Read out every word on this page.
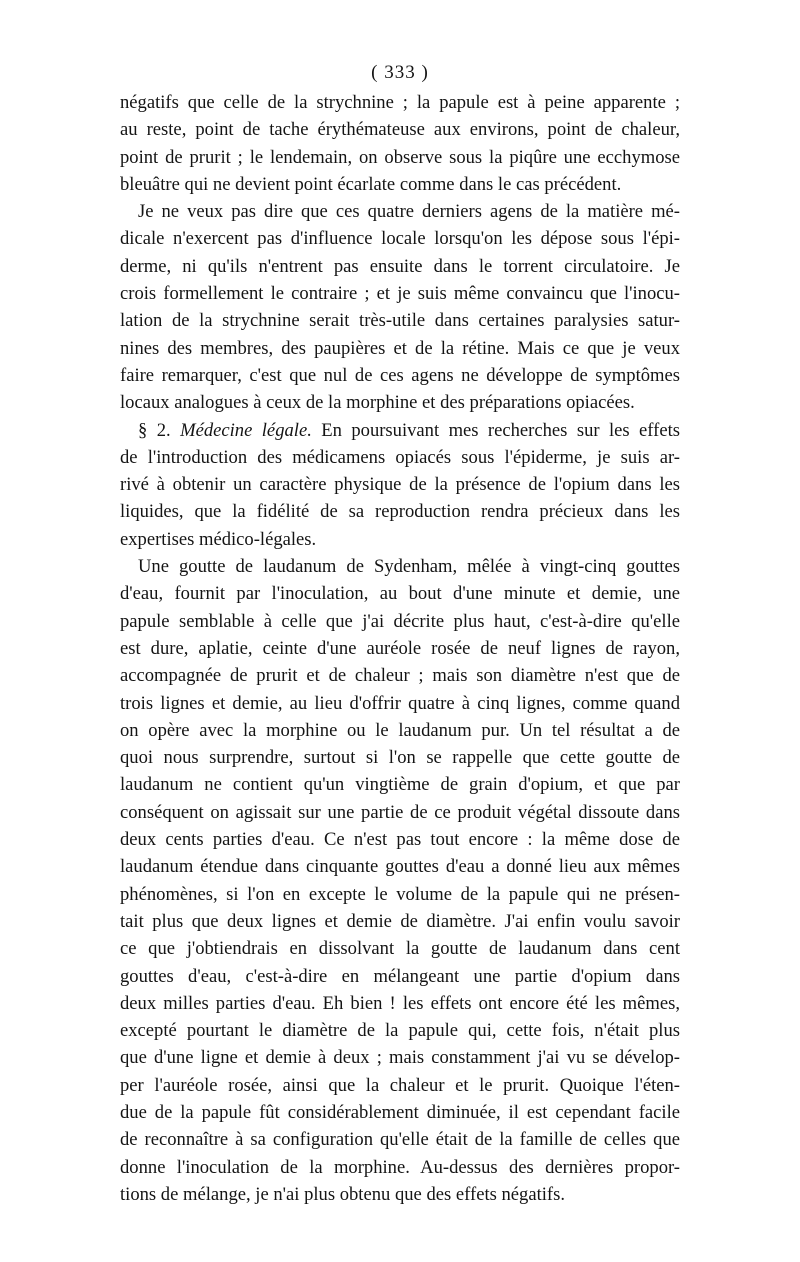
( 333 )
négatifs que celle de la strychnine ; la papule est à peine apparente ;
au reste, point de tache érythémateuse aux environs, point de chaleur,
point de prurit ; le lendemain, on observe sous la piqûre une ecchymose
bleuâtre qui ne devient point écarlate comme dans le cas précédent.
Je ne veux pas dire que ces quatre derniers agens de la matière mé-
dicale n'exercent pas d'influence locale lorsqu'on les dépose sous l'épi-
derme, ni qu'ils n'entrent pas ensuite dans le torrent circulatoire. Je
crois formellement le contraire ; et je suis même convaincu que l'inocu-
lation de la strychnine serait très-utile dans certaines paralysies satur-
nines des membres, des paupières et de la rétine. Mais ce que je veux
faire remarquer, c'est que nul de ces agens ne développe de symptômes
locaux analogues à ceux de la morphine et des préparations opiacées.
§ 2. Médecine légale. En poursuivant mes recherches sur les effets
de l'introduction des médicamens opiacés sous l'épiderme, je suis ar-
rivé à obtenir un caractère physique de la présence de l'opium dans les
liquides, que la fidélité de sa reproduction rendra précieux dans les
expertises médico-légales.
Une goutte de laudanum de Sydenham, mêlée à vingt-cinq gouttes
d'eau, fournit par l'inoculation, au bout d'une minute et demie, une
papule semblable à celle que j'ai décrite plus haut, c'est-à-dire qu'elle
est dure, aplatie, ceinte d'une auréole rosée de neuf lignes de rayon,
accompagnée de prurit et de chaleur ; mais son diamètre n'est que de
trois lignes et demie, au lieu d'offrir quatre à cinq lignes, comme quand
on opère avec la morphine ou le laudanum pur. Un tel résultat a de
quoi nous surprendre, surtout si l'on se rappelle que cette goutte de
laudanum ne contient qu'un vingtième de grain d'opium, et que par
conséquent on agissait sur une partie de ce produit végétal dissoute dans
deux cents parties d'eau. Ce n'est pas tout encore : la même dose de
laudanum étendue dans cinquante gouttes d'eau a donné lieu aux mêmes
phénomènes, si l'on en excepte le volume de la papule qui ne présen-
tait plus que deux lignes et demie de diamètre. J'ai enfin voulu savoir
ce que j'obtiendrais en dissolvant la goutte de laudanum dans cent
gouttes d'eau, c'est-à-dire en mélangeant une partie d'opium dans
deux milles parties d'eau. Eh bien ! les effets ont encore été les mêmes,
excepté pourtant le diamètre de la papule qui, cette fois, n'était plus
que d'une ligne et demie à deux ; mais constamment j'ai vu se dévelop-
per l'auréole rosée, ainsi que la chaleur et le prurit. Quoique l'éten-
due de la papule fût considérablement diminuée, il est cependant facile
de reconnaître à sa configuration qu'elle était de la famille de celles que
donne l'inoculation de la morphine. Au-dessus des dernières propor-
tions de mélange, je n'ai plus obtenu que des effets négatifs.
